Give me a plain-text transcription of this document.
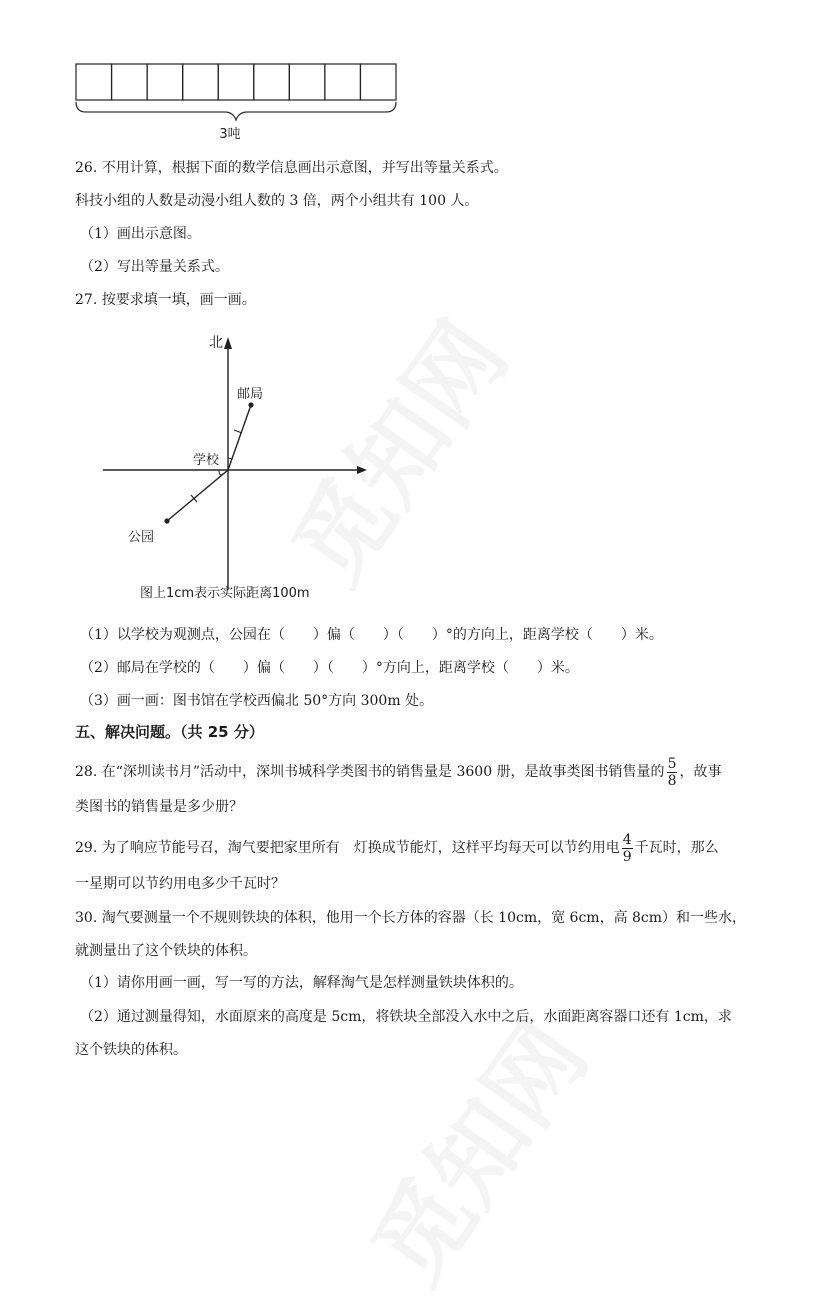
3吨
26. 不用计算，根据下面的数学信息画出示意图，并写出等量关系式。
科技小组的人数是动漫小组人数的 3 倍，两个小组共有 100 人。
（1）画出示意图。
（2）写出等量关系式。
27. 按要求填一填，画一画。
北
邮局
公园
学校
图上1cm表示实际距离100m
（1）以学校为观测点，公园在（　　）偏（　　）（　　）°的方向上，距离学校（　　）米。
（2）邮局在学校的（　　）偏（　　）（　　）°方向上，距离学校（　　）米。
（3）画一画：图书馆在学校西偏北 50°方向 300m 处。
五、解决问题。（共 25 分）
28. 在“深圳读书月”活动中，深圳书城科学类图书的销售量是 3600 册，是故事类图书销售量的 $\frac{5}{8}$ ，故事
类图书的销售量是多少册？
29. 为了响应节能号召，淘气要把家里所有　灯换成节能灯，这样平均每天可以节约用电 $\frac{4}{9}$ 千瓦时，那么
一星期可以节约用电多少千瓦时？
30. 淘气要测量一个不规则铁块的体积，他用一个长方体的容器（长 10cm，宽 6cm，高 8cm）和一些水，
就测量出了这个铁块的体积。
（1）请你用画一画，写一写的方法，解释淘气是怎样测量铁块体积的。
（2）通过测量得知，水面原来的高度是 5cm，将铁块全部没入水中之后，水面距离容器口还有 1cm，求
这个铁块的体积。
